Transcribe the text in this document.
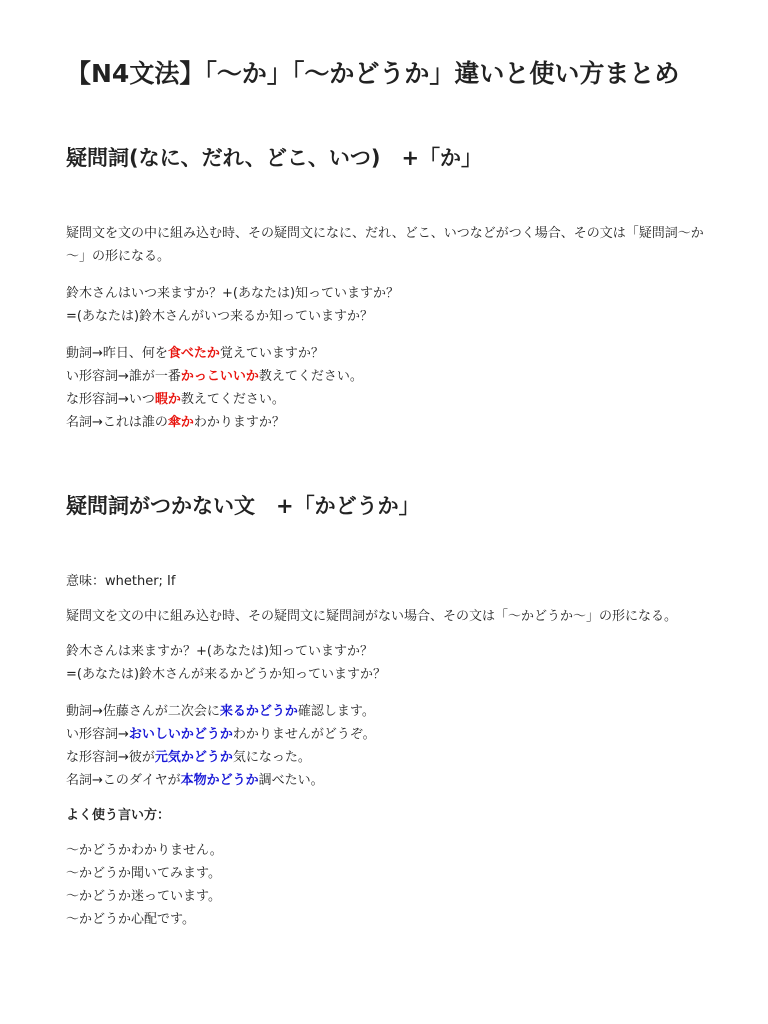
【N4文法】「～か」「～かどうか」違いと使い方まとめ
疑問詞(なに、だれ、どこ、いつ)　+「か」

疑問文を文の中に組み込む時、その疑問文になに、だれ、どこ、いつなどがつく場合、その文は「疑問詞～か～」の形になる。

鈴木さんはいつ来ますか？+(あなたは)知っていますか？
=(あなたは)鈴木さんがいつ来るか知っていますか？

動詞→昨日、何を食べたか覚えていますか？
い形容詞→誰が一番かっこいいか教えてください。
な形容詞→いつ暇か教えてください。
名詞→これは誰の傘かわかりますか？

疑問詞がつかない文　+「かどうか」

意味：whether; If

疑問文を文の中に組み込む時、その疑問文に疑問詞がない場合、その文は「～かどうか～」の形になる。

鈴木さんは来ますか？+(あなたは)知っていますか？
=(あなたは)鈴木さんが来るかどうか知っていますか？

動詞→佐藤さんが二次会に来るかどうか確認します。
い形容詞→おいしいかどうかわかりませんがどうぞ。
な形容詞→彼が元気かどうか気になった。
名詞→このダイヤが本物かどうか調べたい。

よく使う言い方：

～かどうかわかりません。
～かどうか聞いてみます。
～かどうか迷っています。
～かどうか心配です。
